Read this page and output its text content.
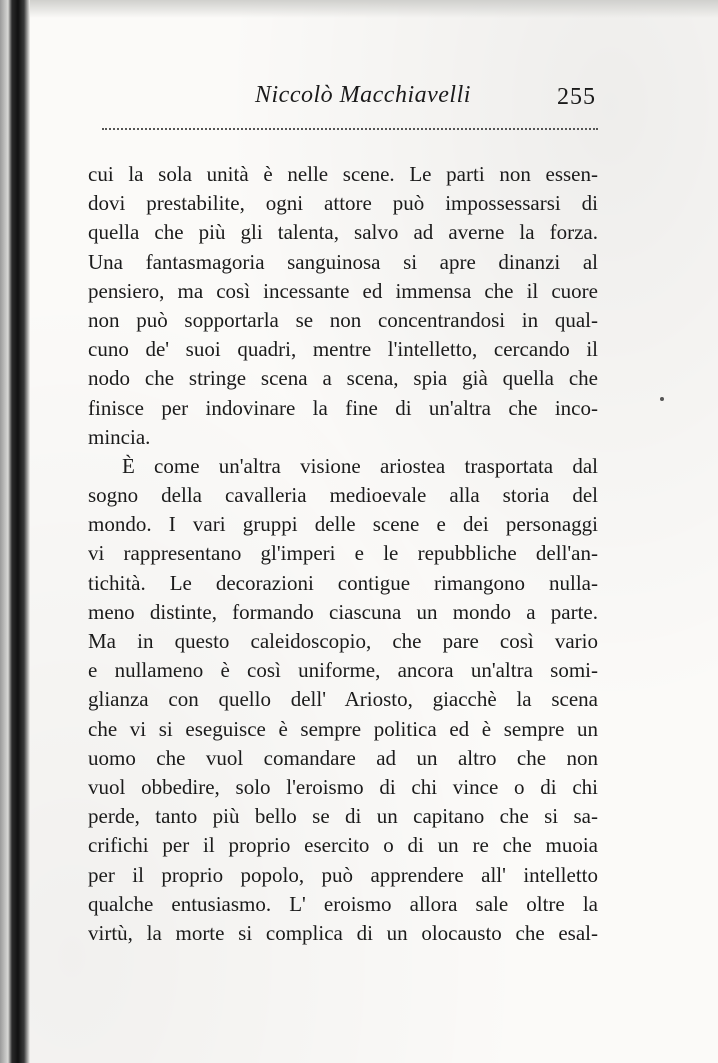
Niccolò Macchiavelli	255
cui la sola unità è nelle scene. Le parti non essen-
dovi prestabilite, ogni attore può impossessarsi di
quella che più gli talenta, salvo ad averne la forza.
Una fantasmagoria sanguinosa si apre dinanzi al
pensiero, ma così incessante ed immensa che il cuore
non può sopportarla se non concentrandosi in qual-
cuno de' suoi quadri, mentre l'intelletto, cercando il
nodo che stringe scena a scena, spia già quella che
finisce per indovinare la fine di un'altra che inco-
mincia.
È come un'altra visione ariostea trasportata dal
sogno della cavalleria medioevale alla storia del
mondo. I vari gruppi delle scene e dei personaggi
vi rappresentano gl'imperi e le repubbliche dell'an-
tichità. Le decorazioni contigue rimangono nulla-
meno distinte, formando ciascuna un mondo a parte.
Ma in questo caleidoscopio, che pare così vario
e nullameno è così uniforme, ancora un'altra somi-
glianza con quello dell' Ariosto, giacchè la scena
che vi si eseguisce è sempre politica ed è sempre un
uomo che vuol comandare ad un altro che non
vuol obbedire, solo l'eroismo di chi vince o di chi
perde, tanto più bello se di un capitano che si sa-
crifichi per il proprio esercito o di un re che muoia
per il proprio popolo, può apprendere all' intelletto
qualche entusiasmo. L' eroismo allora sale oltre la
virtù, la morte si complica di un olocausto che esal-
